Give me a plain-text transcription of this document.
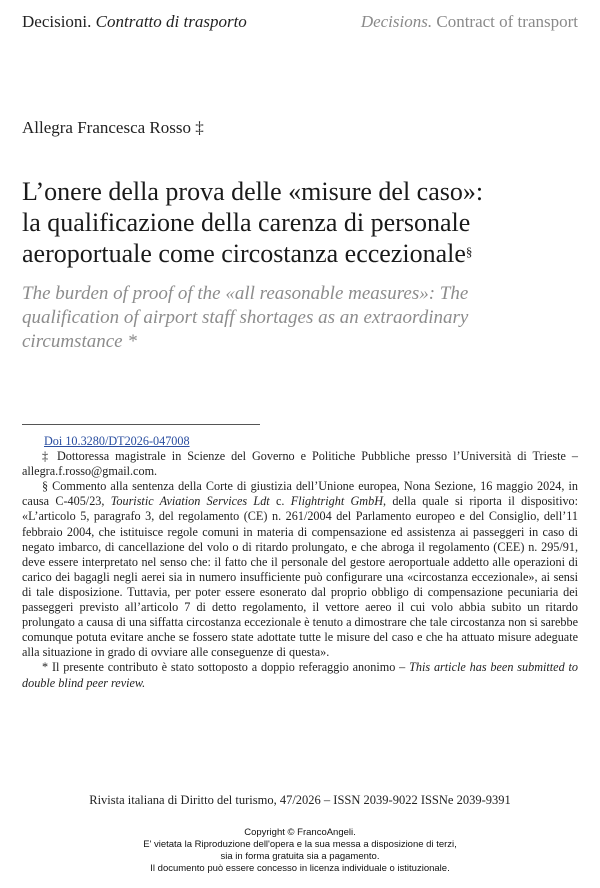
Decisioni. Contratto di trasporto	Decisions. Contract of transport
Allegra Francesca Rosso ‡
L’onere della prova delle «misure del caso»:
la qualificazione della carenza di personale
aeroportuale come circostanza eccezionale§
The burden of proof of the «all reasonable measures»: The
qualification of airport staff shortages as an extraordinary
circumstance *

Doi 10.3280/DT2026-047008

‡ Dottoressa magistrale in Scienze del Governo e Politiche Pubbliche presso l’Università di Trieste – allegra.f.rosso@gmail.com.

§ Commento alla sentenza della Corte di giustizia dell’Unione europea, Nona Sezione, 16 maggio 2024, in causa C-405/23, Touristic Aviation Services Ldt c. Flightright GmbH, della quale si riporta il dispositivo: «L’articolo 5, paragrafo 3, del regolamento (CE) n. 261/2004 del Parlamento europeo e del Consiglio, dell’11 febbraio 2004, che istituisce regole comuni in materia di compensazione ed assistenza ai passeggeri in caso di negato imbarco, di cancellazione del volo o di ritardo prolungato, e che abroga il regolamento (CEE) n. 295/91, deve essere interpretato nel senso che: il fatto che il personale del gestore aeroportuale addetto alle operazioni di carico dei bagagli negli aerei sia in numero insufficiente può configurare una «circostanza eccezionale», ai sensi di tale disposizione. Tuttavia, per poter essere esonerato dal proprio obbligo di compensazione pecuniaria dei passeggeri previsto all’articolo 7 di detto regolamento, il vettore aereo il cui volo abbia subito un ritardo prolungato a causa di una siffatta circostanza eccezionale è tenuto a dimostrare che tale circostanza non si sarebbe comunque potuta evitare anche se fossero state adottate tutte le misure del caso e che ha attuato misure adeguate alla situazione in grado di ovviare alle conseguenze di questa».

* Il presente contributo è stato sottoposto a doppio referaggio anonimo – This article has been submitted to double blind peer review.

Rivista italiana di Diritto del turismo, 47/2026 – ISSN 2039-9022 ISSNe 2039-9391
Copyright © FrancoAngeli.
E' vietata la Riproduzione dell'opera e la sua messa a disposizione di terzi,
sia in forma gratuita sia a pagamento.
Il documento può essere concesso in licenza individuale o istituzionale.
